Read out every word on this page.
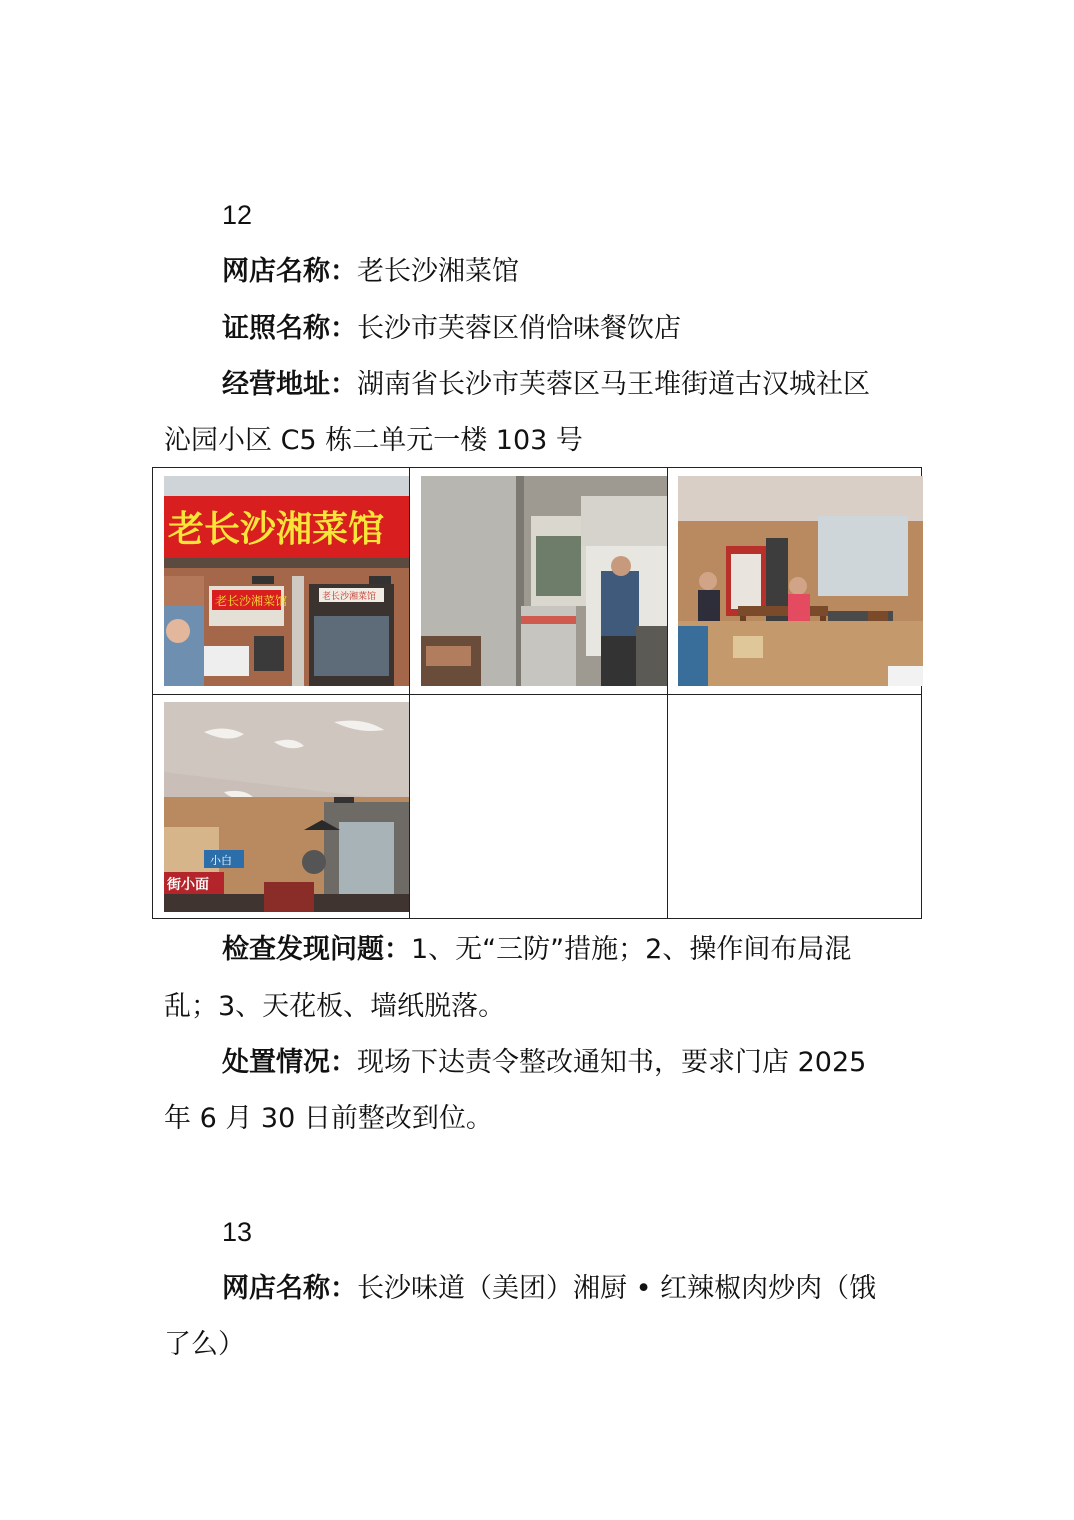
12
网店名称：老长沙湘菜馆
证照名称：长沙市芙蓉区俏恰味餐饮店
经营地址：湖南省长沙市芙蓉区马王堆街道古汉城社区
沁园小区 C5 栋二单元一楼 103 号
老长沙湘菜馆
老长沙湘菜馆	老长沙湘菜馆
小白
街小面
检查发现问题：1、无“三防”措施；2、操作间布局混
乱；3、天花板、墙纸脱落。
处置情况：现场下达责令整改通知书，要求门店 2025
年 6 月 30 日前整改到位。
13
网店名称：长沙味道（美团）湘厨 • 红辣椒肉炒肉（饿
了么）
